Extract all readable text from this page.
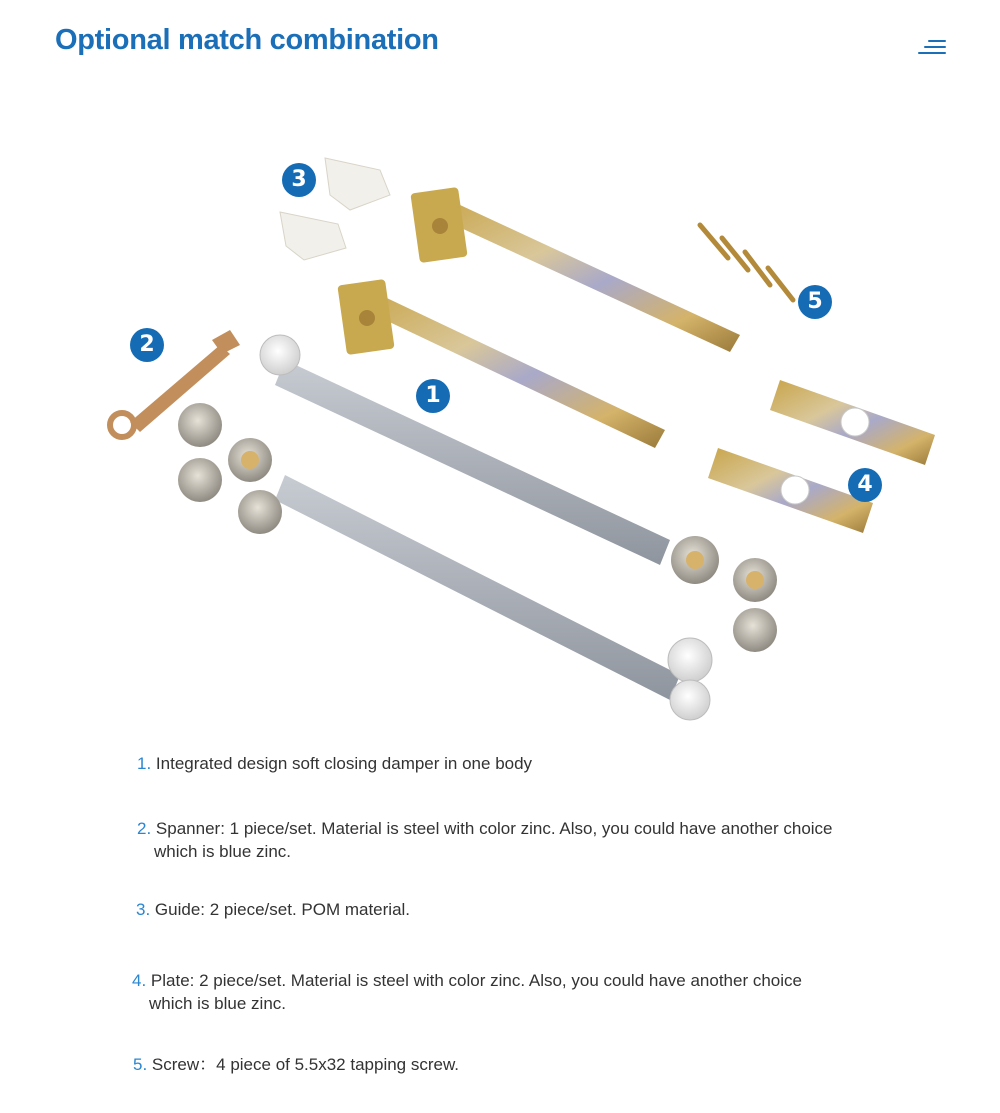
Optional match combination
1
2
3
4
5
1. Integrated design soft closing damper in one body
2. Spanner: 1 piece/set. Material is steel with color zinc. Also, you could have another choice
which is blue zinc.
3. Guide: 2 piece/set. POM material.
4. Plate: 2 piece/set. Material is steel with color zinc. Also, you could have another choice
which is blue zinc.
5. Screw：4 piece of 5.5x32 tapping screw.
